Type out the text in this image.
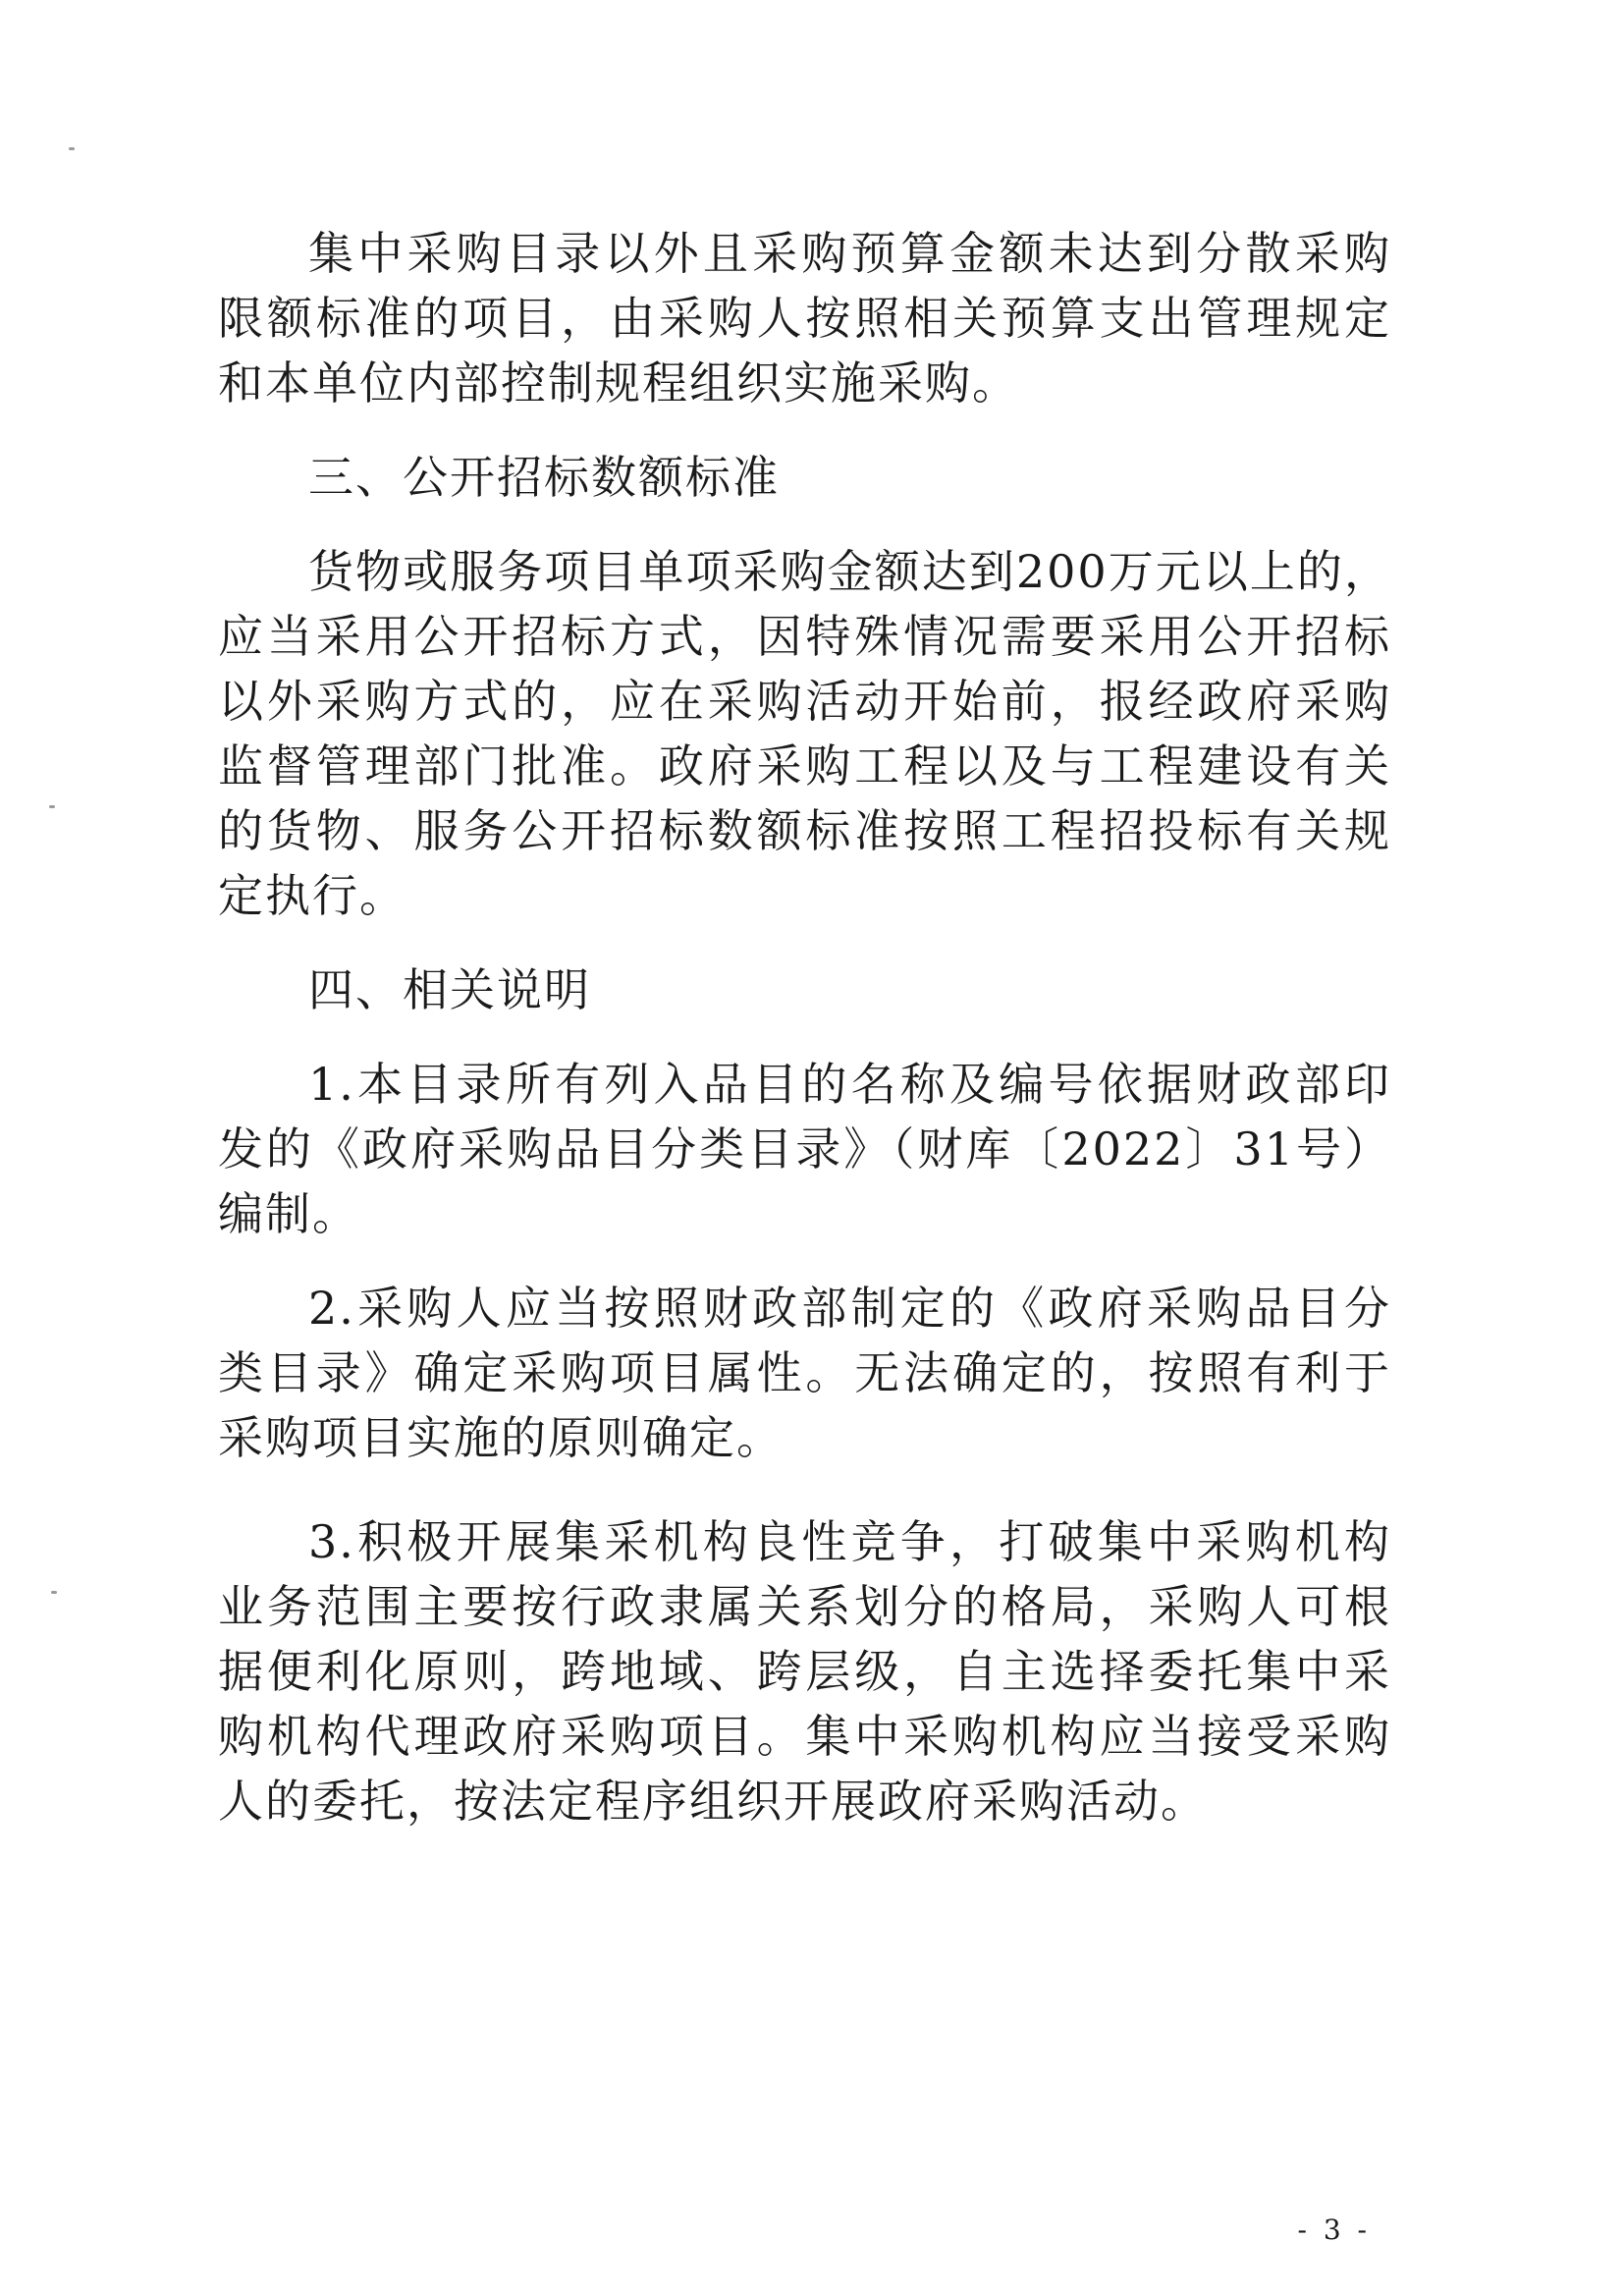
集中采购目录以外且采购预算金额未达到分散采购限额标准的项目，由采购人按照相关预算支出管理规定和本单位内部控制规程组织实施采购。

三、公开招标数额标准

货物或服务项目单项采购金额达到200万元以上的，应当采用公开招标方式，因特殊情况需要采用公开招标以外采购方式的，应在采购活动开始前，报经政府采购监督管理部门批准。政府采购工程以及与工程建设有关的货物、服务公开招标数额标准按照工程招投标有关规定执行。

四、相关说明

1.本目录所有列入品目的名称及编号依据财政部印发的《政府采购品目分类目录》（财库〔2022〕31号）编制。

2.采购人应当按照财政部制定的《政府采购品目分类目录》确定采购项目属性。无法确定的，按照有利于采购项目实施的原则确定。

3.积极开展集采机构良性竞争，打破集中采购机构业务范围主要按行政隶属关系划分的格局，采购人可根据便利化原则，跨地域、跨层级，自主选择委托集中采购机构代理政府采购项目。集中采购机构应当接受采购人的委托，按法定程序组织开展政府采购活动。

- 3 -
